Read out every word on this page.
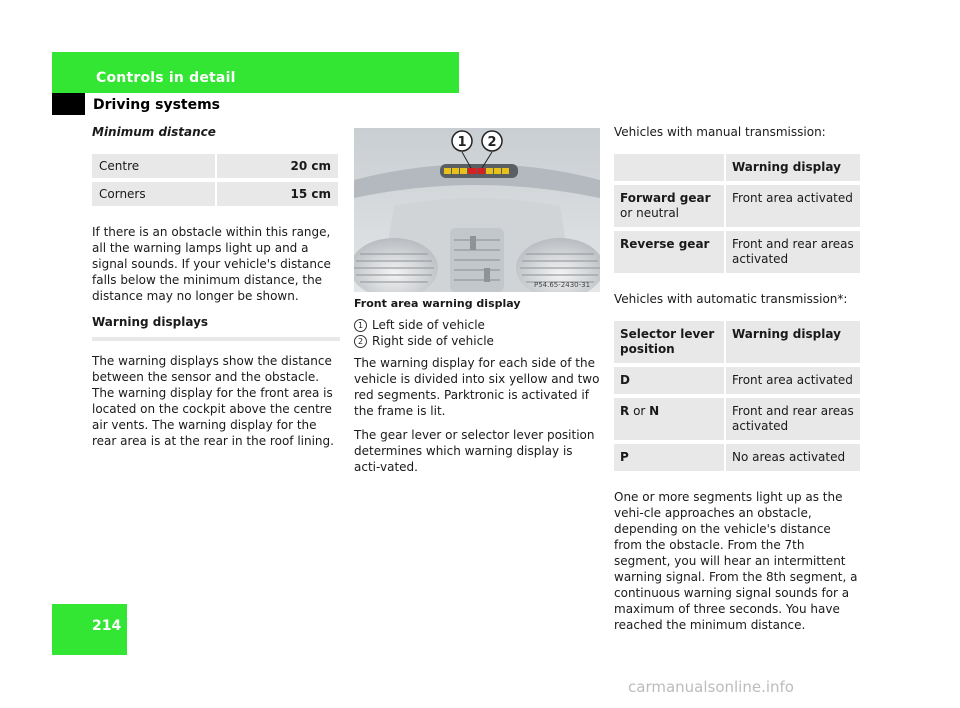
Controls in detail
Driving systems
Minimum distance
Centre	20 cm
Corners	15 cm

If there is an obstacle within this range, all the warning lamps light up and a signal sounds. If your vehicle's distance falls below the minimum distance, the distance may no longer be shown.

Warning displays

The warning displays show the distance between the sensor and the obstacle.

The warning display for the front area is located on the cockpit above the centre air vents. The warning display for the rear area is at the rear in the roof lining.

1 2
P54.65-2430-31
Front area warning display
1 Left side of vehicle
2 Right side of vehicle

The warning display for each side of the vehicle is divided into six yellow and two red segments. Parktronic is activated if the frame is lit.

The gear lever or selector lever position determines which warning display is acti-vated.

Vehicles with manual transmission:

	Warning display
Forward gear or neutral	Front area activated
Reverse gear	Front and rear areas activated

Vehicles with automatic transmission*:

Selector lever position	Warning display
D	Front area activated
R or N	Front and rear areas activated
P	No areas activated

One or more segments light up as the vehi-cle approaches an obstacle, depending on the vehicle's distance from the obstacle. From the 7th segment, you will hear an intermittent warning signal. From the 8th segment, a continuous warning signal sounds for a maximum of three seconds. You have reached the minimum distance.

214
carmanualsonline.info
